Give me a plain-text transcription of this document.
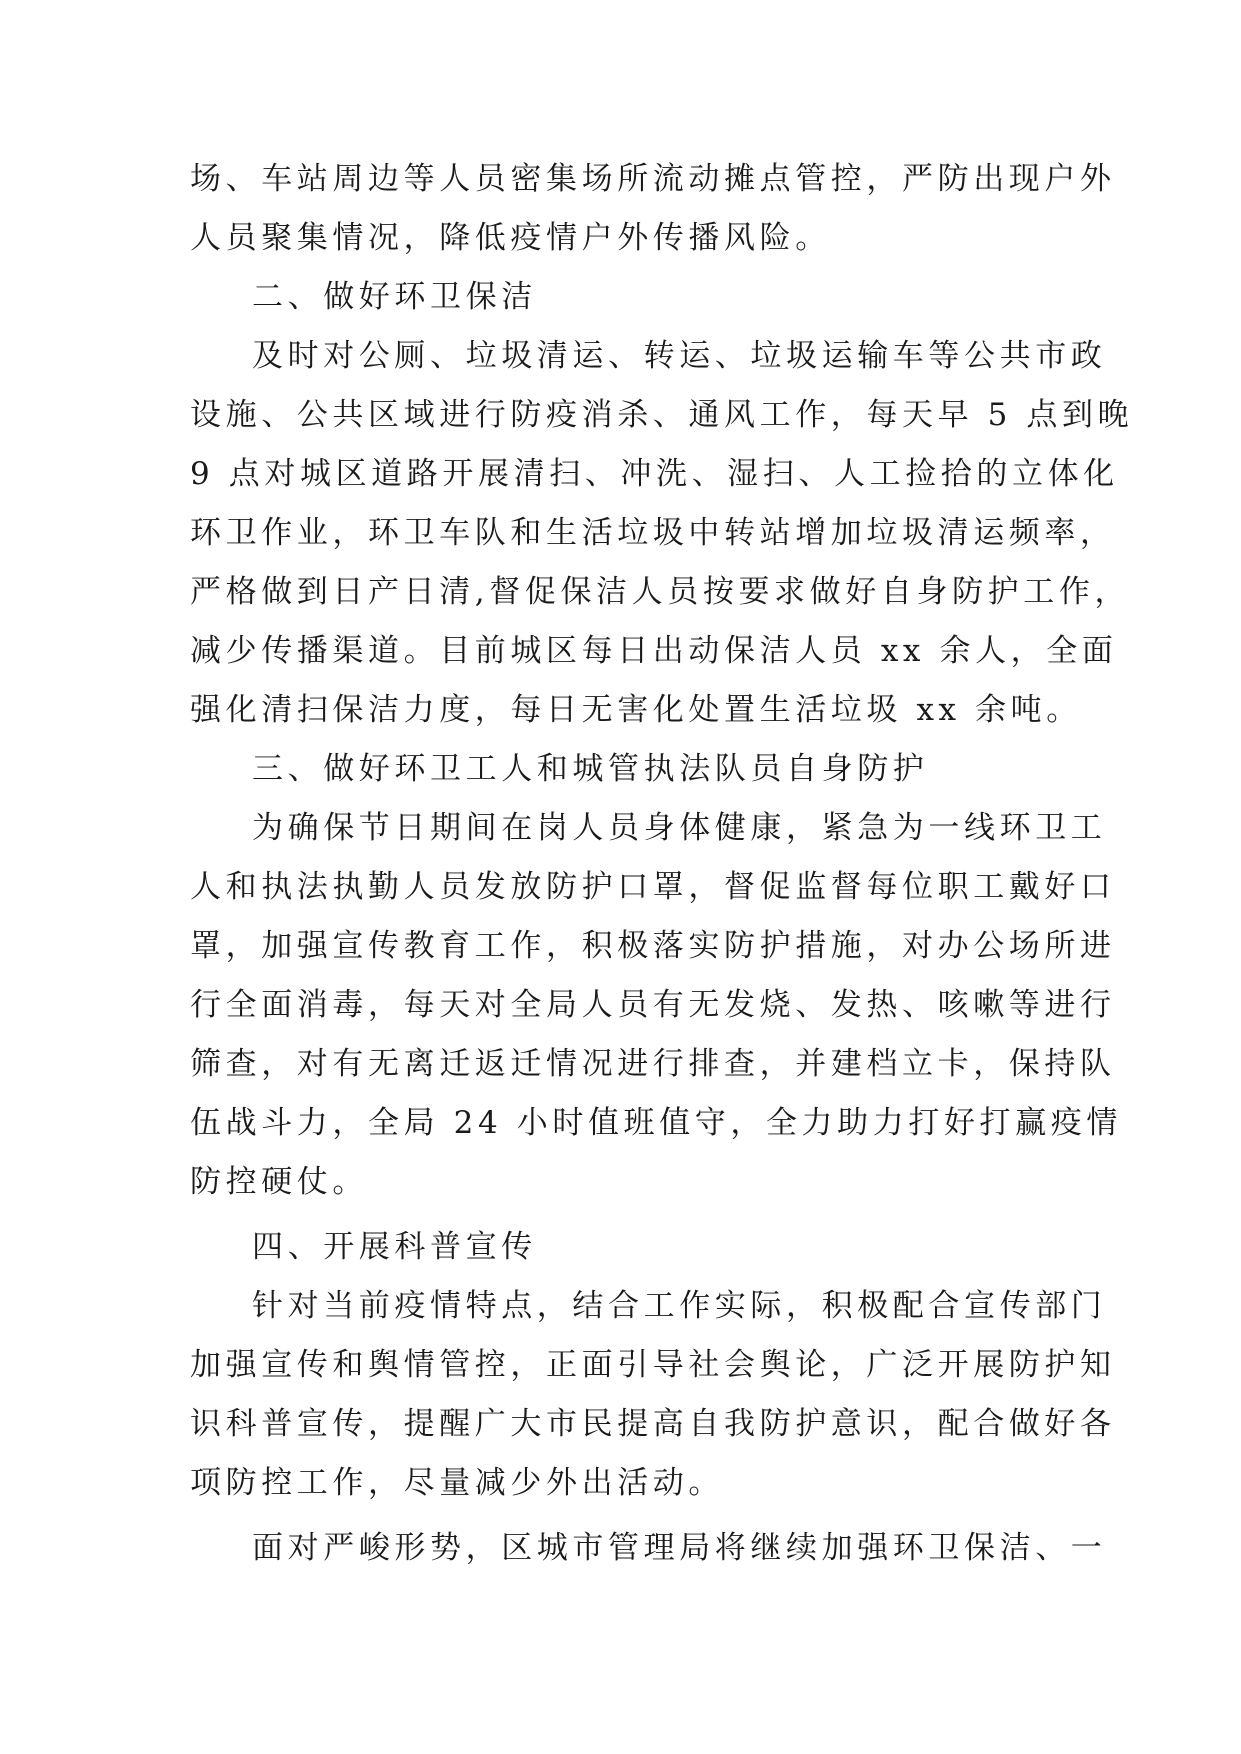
场、车站周边等人员密集场所流动摊点管控，严防出现户外
人员聚集情况，降低疫情户外传播风险。
二、做好环卫保洁
及时对公厕、垃圾清运、转运、垃圾运输车等公共市政
设施、公共区域进行防疫消杀、通风工作，每天早 5 点到晚
9 点对城区道路开展清扫、冲洗、湿扫、人工捡拾的立体化
环卫作业，环卫车队和生活垃圾中转站增加垃圾清运频率，
严格做到日产日清,督促保洁人员按要求做好自身防护工作，
减少传播渠道。目前城区每日出动保洁人员 xx 余人，全面
强化清扫保洁力度，每日无害化处置生活垃圾 xx 余吨。
三、做好环卫工人和城管执法队员自身防护
为确保节日期间在岗人员身体健康，紧急为一线环卫工
人和执法执勤人员发放防护口罩，督促监督每位职工戴好口
罩，加强宣传教育工作，积极落实防护措施，对办公场所进
行全面消毒，每天对全局人员有无发烧、发热、咳嗽等进行
筛查，对有无离迁返迁情况进行排查，并建档立卡，保持队
伍战斗力，全局 24 小时值班值守，全力助力打好打赢疫情
防控硬仗。
四、开展科普宣传
针对当前疫情特点，结合工作实际，积极配合宣传部门
加强宣传和舆情管控，正面引导社会舆论，广泛开展防护知
识科普宣传，提醒广大市民提高自我防护意识，配合做好各
项防控工作，尽量减少外出活动。
面对严峻形势，区城市管理局将继续加强环卫保洁、一
